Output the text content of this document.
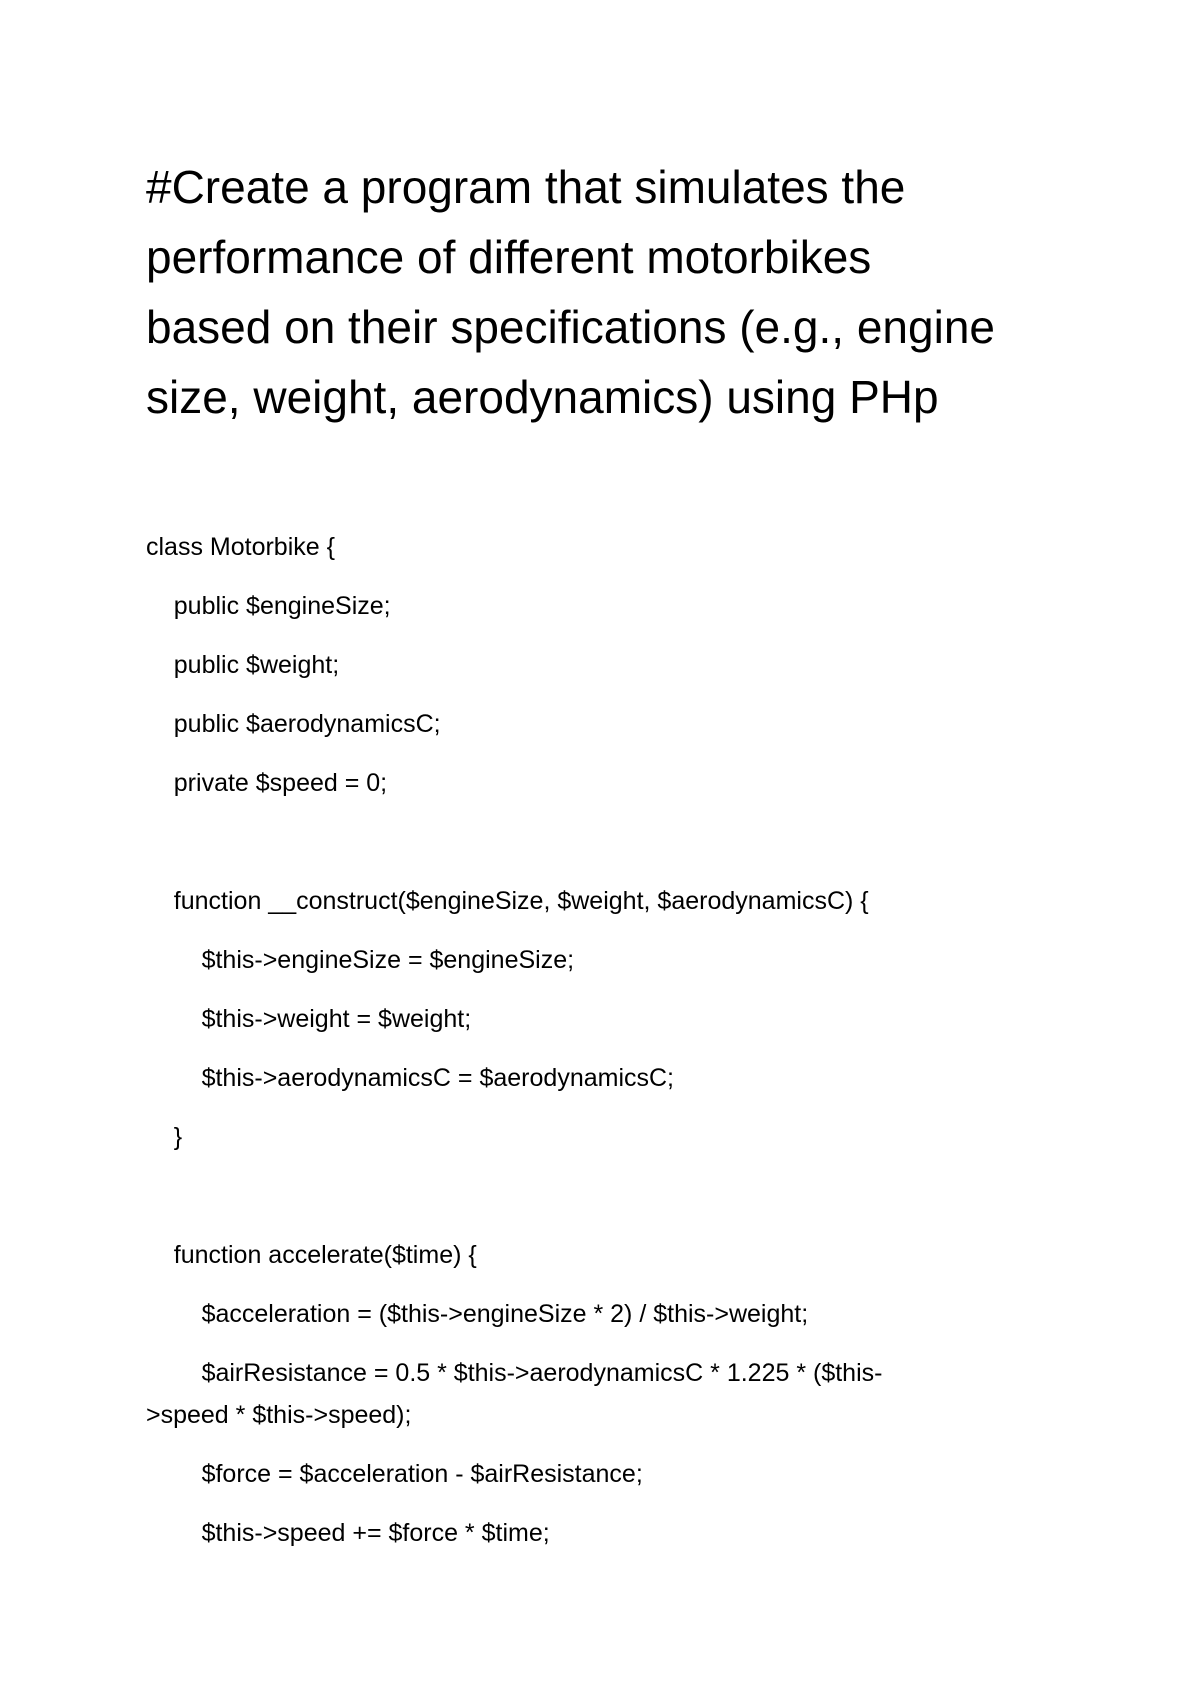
#Create a program that simulates the
performance of different motorbikes
based on their specifications (e.g., engine
size, weight, aerodynamics) using PHp
class Motorbike {
public $engineSize;
public $weight;
public $aerodynamicsC;
private $speed = 0;
function __construct($engineSize, $weight, $aerodynamicsC) {
$this->engineSize = $engineSize;
$this->weight = $weight;
$this->aerodynamicsC = $aerodynamicsC;
}
function accelerate($time) {
$acceleration = ($this->engineSize * 2) / $this->weight;
$airResistance = 0.5 * $this->aerodynamicsC * 1.225 * ($this-
>speed * $this->speed);
$force = $acceleration - $airResistance;
$this->speed += $force * $time;
